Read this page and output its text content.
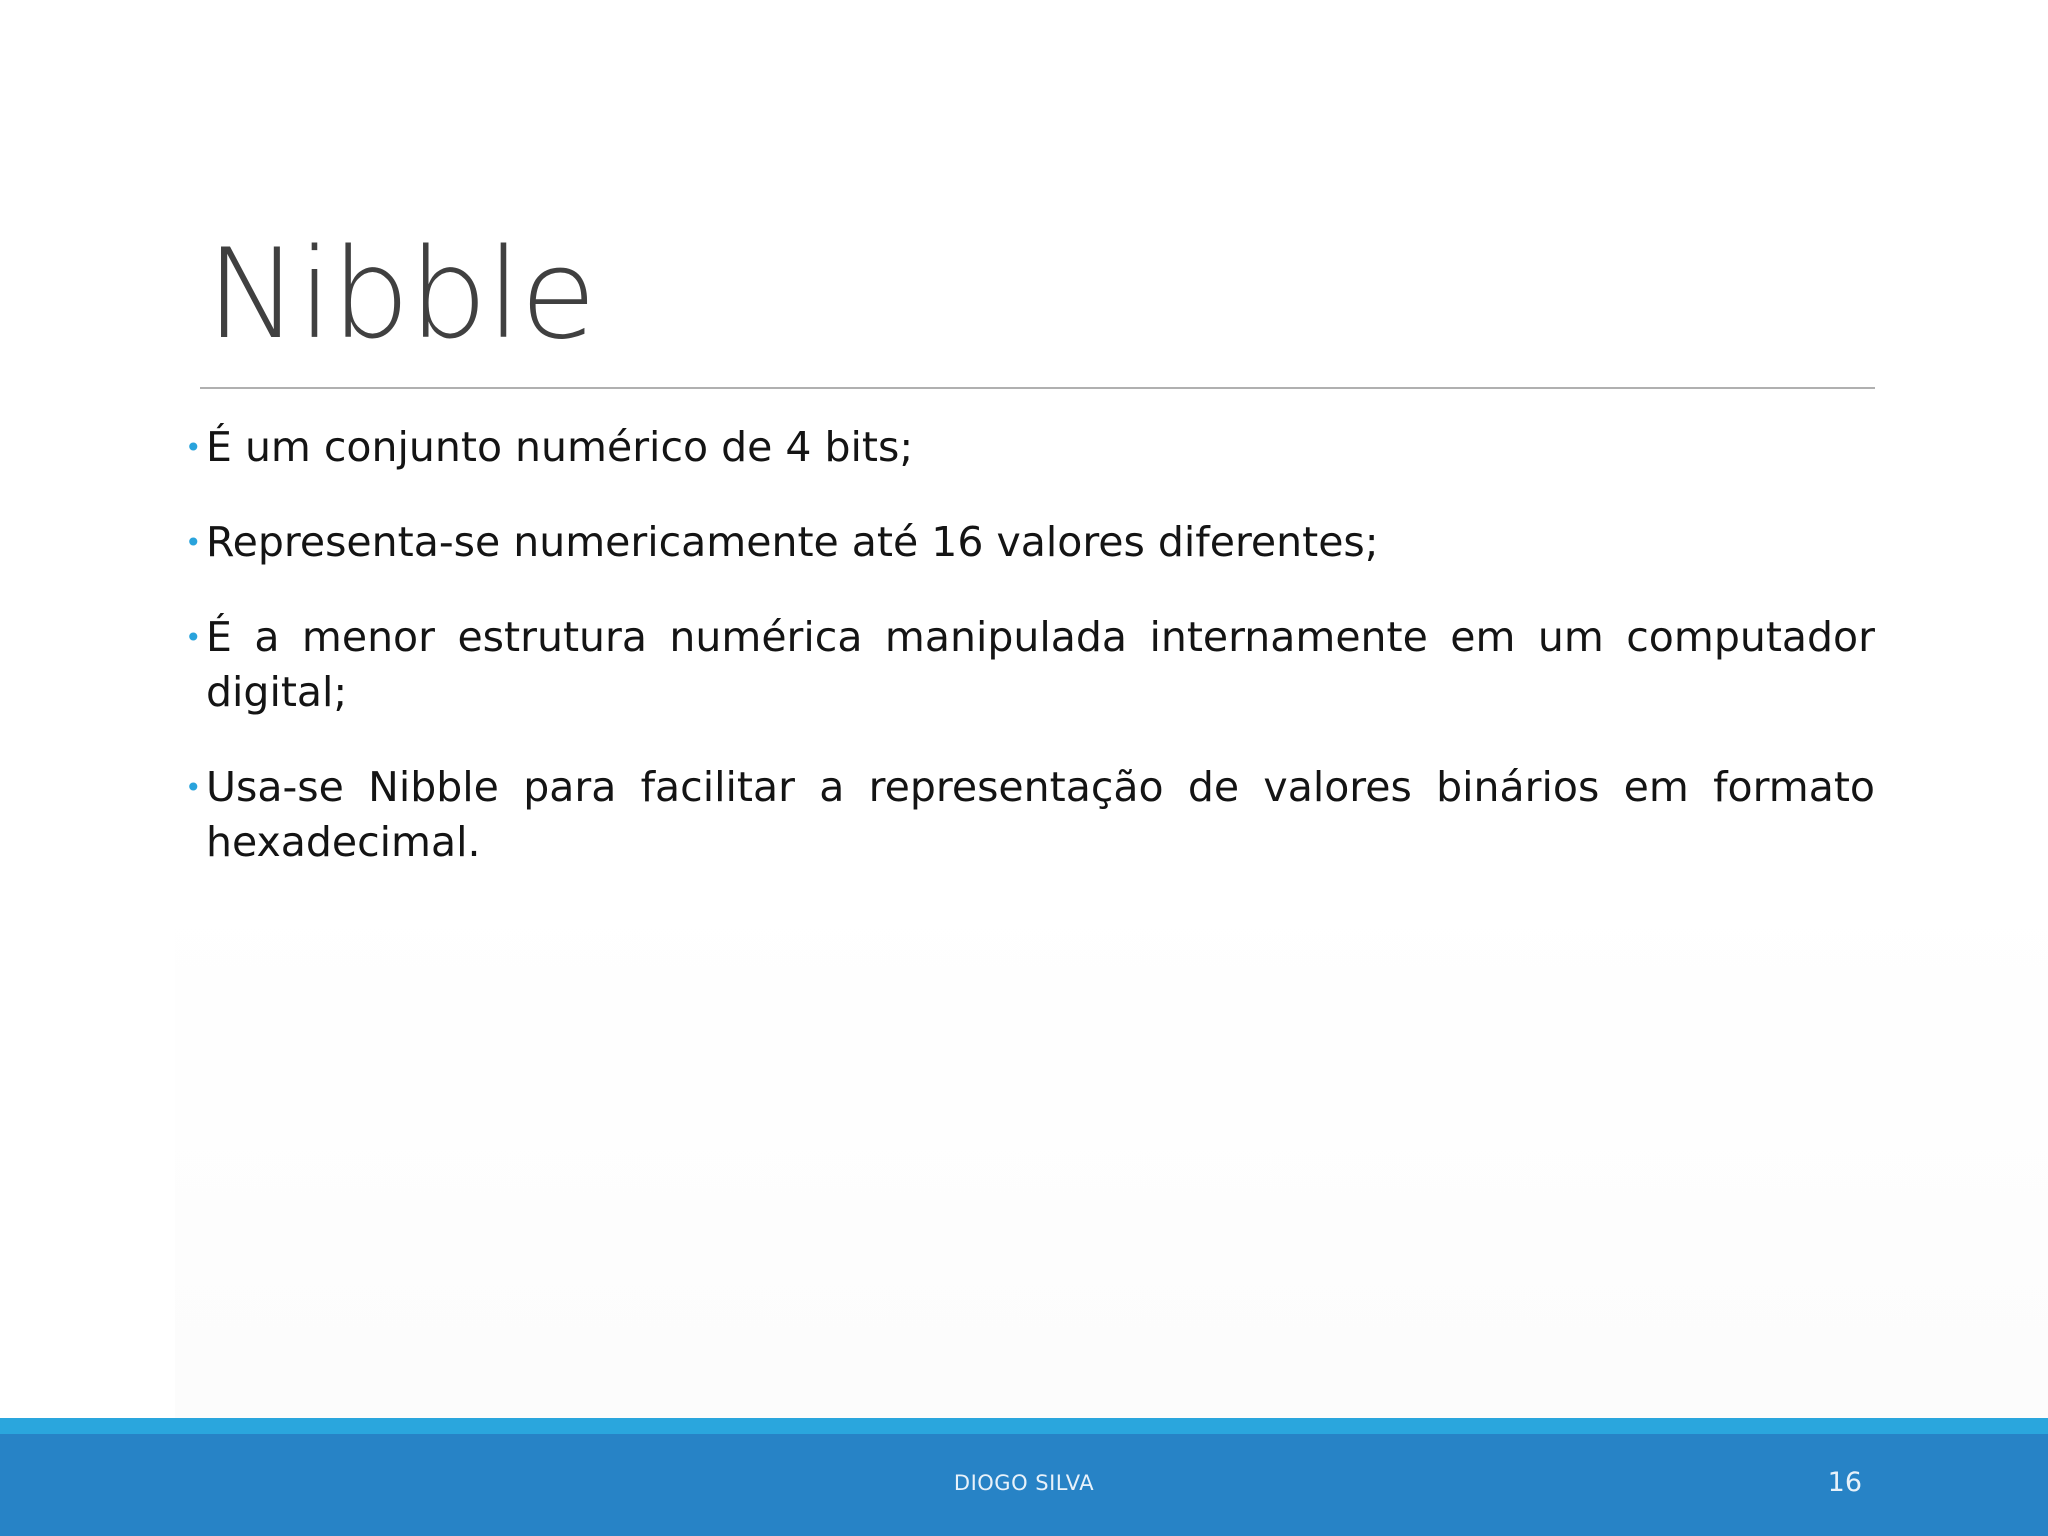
Nibble
• É um conjunto numérico de 4 bits;
• Representa-se numericamente até 16 valores diferentes;
• É a menor estrutura numérica manipulada internamente em um computador digital;
• Usa-se Nibble para facilitar a representação de valores binários em formato hexadecimal.
DIOGO SILVA	16
